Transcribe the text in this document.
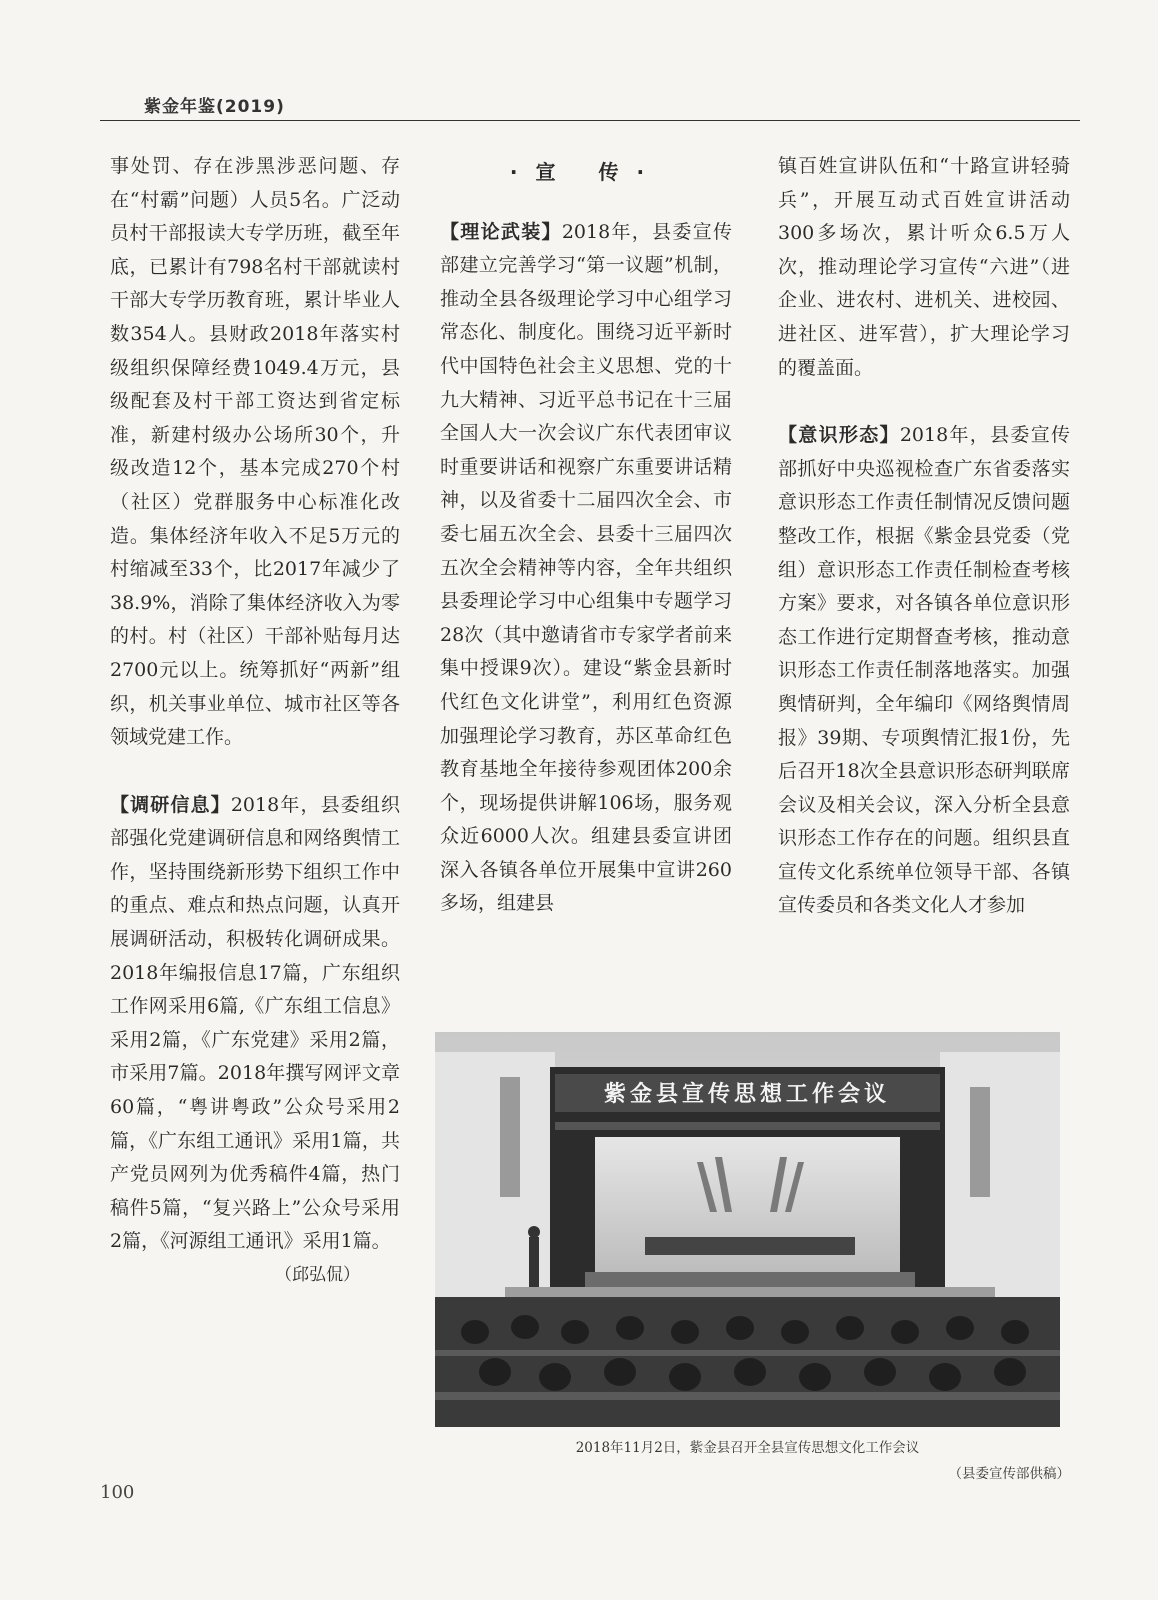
紫金年鉴(2019)

事处罚、存在涉黑涉恶问题、存在“村霸”问题）人员5名。广泛动员村干部报读大专学历班，截至年底，已累计有798名村干部就读村干部大专学历教育班，累计毕业人数354人。县财政2018年落实村级组织保障经费1049.4万元，县级配套及村干部工资达到省定标准，新建村级办公场所30个，升级改造12个，基本完成270个村（社区）党群服务中心标准化改造。集体经济年收入不足5万元的村缩减至33个，比2017年减少了38.9%，消除了集体经济收入为零的村。村（社区）干部补贴每月达2700元以上。统筹抓好“两新”组织，机关事业单位、城市社区等各领域党建工作。

【调研信息】2018年，县委组织部强化党建调研信息和网络舆情工作，坚持围绕新形势下组织工作中的重点、难点和热点问题，认真开展调研活动，积极转化调研成果。2018年编报信息17篇，广东组织工作网采用6篇,《广东组工信息》采用2篇，《广东党建》采用2篇，市采用7篇。2018年撰写网评文章60篇，“粤讲粤政”公众号采用2篇，《广东组工通讯》采用1篇，共产党员网列为优秀稿件4篇，热门稿件5篇，“复兴路上”公众号采用2篇，《河源组工通讯》采用1篇。

（邱弘侃）

·宣 传·

【理论武装】2018年，县委宣传部建立完善学习“第一议题”机制，推动全县各级理论学习中心组学习常态化、制度化。围绕习近平新时代中国特色社会主义思想、党的十九大精神、习近平总书记在十三届全国人大一次会议广东代表团审议时重要讲话和视察广东重要讲话精神，以及省委十二届四次全会、市委七届五次全会、县委十三届四次五次全会精神等内容，全年共组织县委理论学习中心组集中专题学习28次（其中邀请省市专家学者前来集中授课9次）。建设“紫金县新时代红色文化讲堂”，利用红色资源加强理论学习教育，苏区革命红色教育基地全年接待参观团体200余个，现场提供讲解106场，服务观众近6000人次。组建县委宣讲团深入各镇各单位开展集中宣讲260多场，组建县

镇百姓宣讲队伍和“十路宣讲轻骑兵”，开展互动式百姓宣讲活动300多场次，累计听众6.5万人次，推动理论学习宣传“六进”（进企业、进农村、进机关、进校园、进社区、进军营），扩大理论学习的覆盖面。

【意识形态】2018年，县委宣传部抓好中央巡视检查广东省委落实意识形态工作责任制情况反馈问题整改工作，根据《紫金县党委（党组）意识形态工作责任制检查考核方案》要求，对各镇各单位意识形态工作进行定期督查考核，推动意识形态工作责任制落地落实。加强舆情研判，全年编印《网络舆情周报》39期、专项舆情汇报1份，先后召开18次全县意识形态研判联席会议及相关会议，深入分析全县意识形态工作存在的问题。组织县直宣传文化系统单位领导干部、各镇宣传委员和各类文化人才参加

紫金县宣传思想工作会议
2018年11月2日，紫金县召开全县宣传思想文化工作会议
（县委宣传部供稿）
100
